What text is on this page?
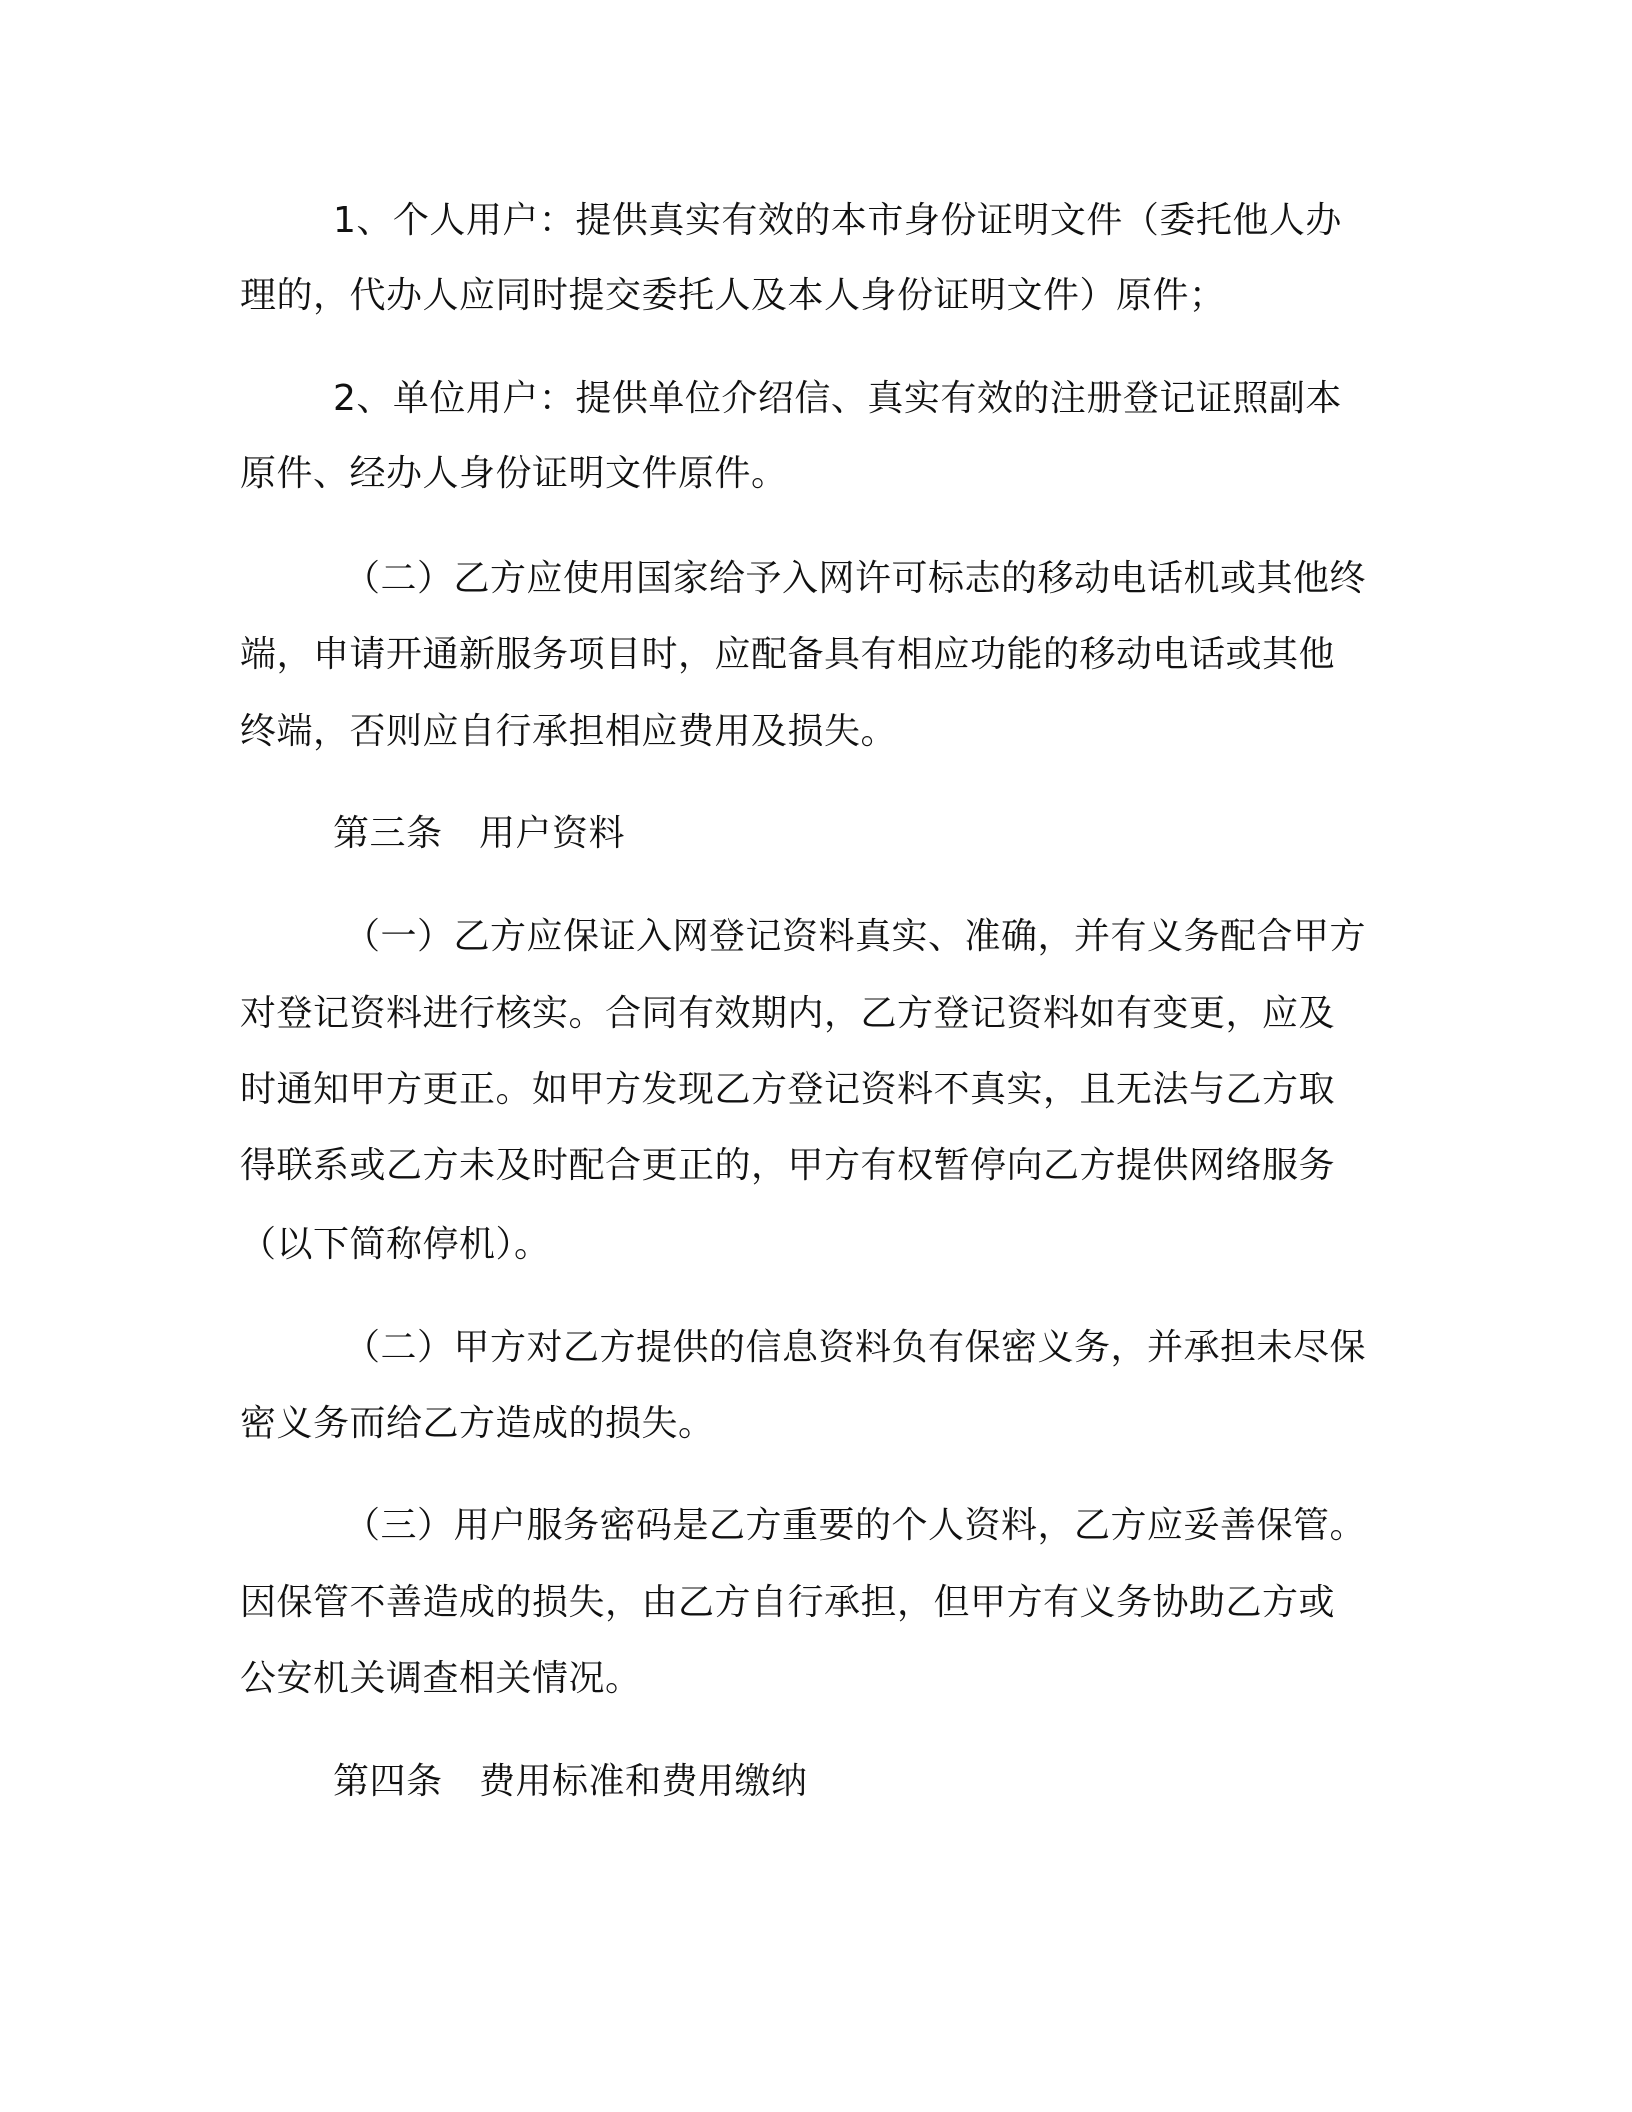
1、个人用户：提供真实有效的本市身份证明文件（委托他人办

理的，代办人应同时提交委托人及本人身份证明文件）原件；

2、单位用户：提供单位介绍信、真实有效的注册登记证照副本

原件、经办人身份证明文件原件。

（二）乙方应使用国家给予入网许可标志的移动电话机或其他终

端，申请开通新服务项目时，应配备具有相应功能的移动电话或其他

终端，否则应自行承担相应费用及损失。

第三条　用户资料

（一）乙方应保证入网登记资料真实、准确，并有义务配合甲方

对登记资料进行核实。合同有效期内，乙方登记资料如有变更，应及

时通知甲方更正。如甲方发现乙方登记资料不真实，且无法与乙方取

得联系或乙方未及时配合更正的，甲方有权暂停向乙方提供网络服务

（以下简称停机）。

（二）甲方对乙方提供的信息资料负有保密义务，并承担未尽保

密义务而给乙方造成的损失。

（三）用户服务密码是乙方重要的个人资料，乙方应妥善保管。

因保管不善造成的损失，由乙方自行承担，但甲方有义务协助乙方或

公安机关调查相关情况。

第四条　费用标准和费用缴纳
